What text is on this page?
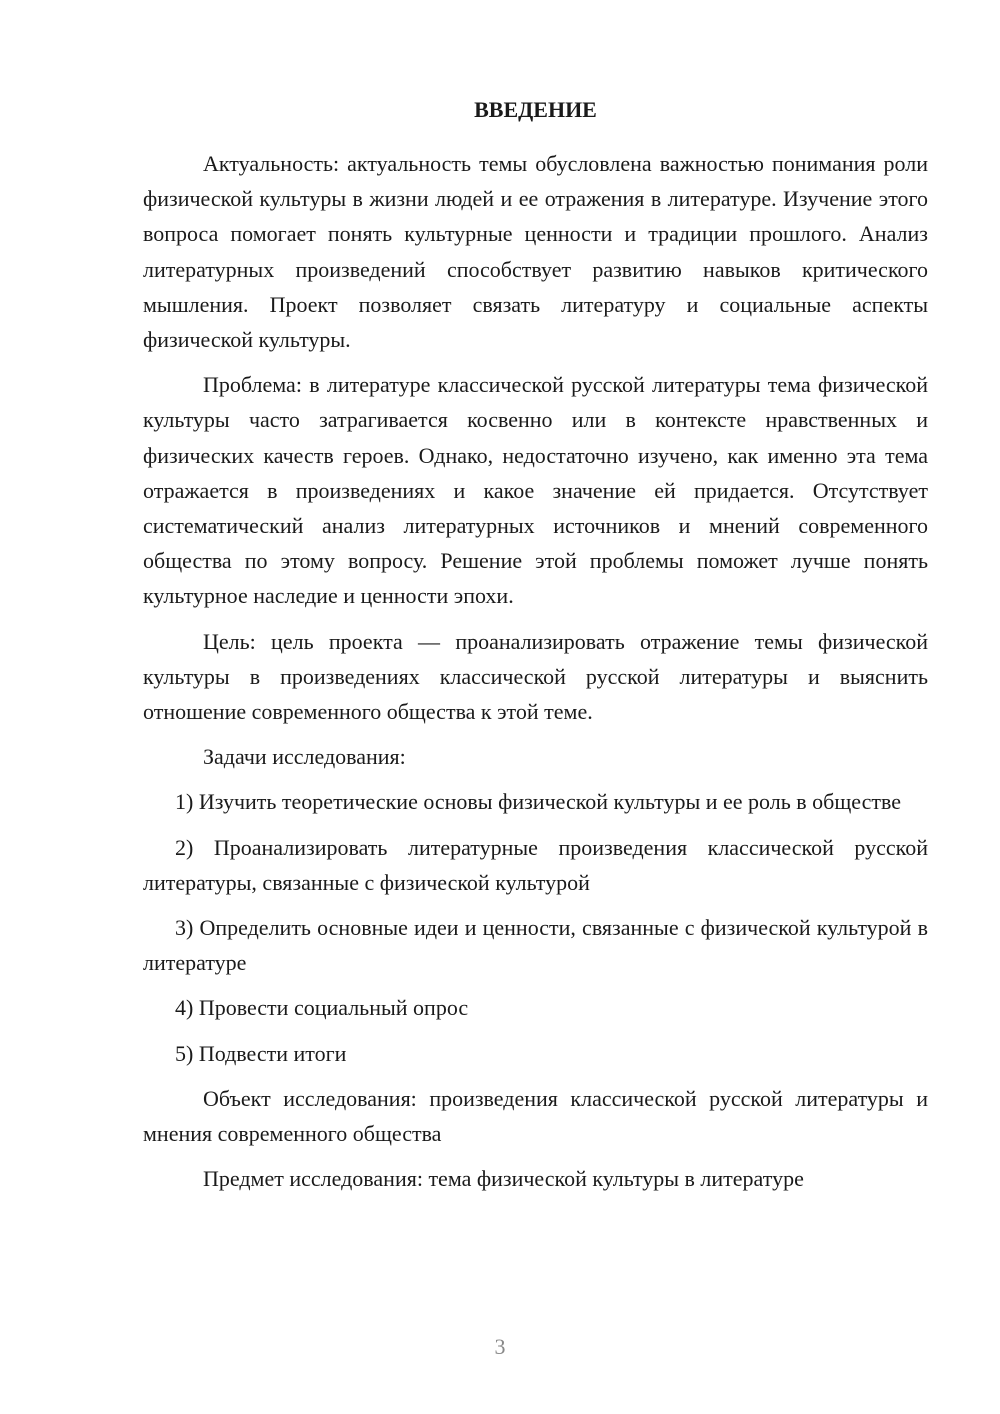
ВВЕДЕНИЕ

Актуальность: актуальность темы обусловлена важностью понимания роли физической культуры в жизни людей и ее отражения в литературе. Изучение этого вопроса помогает понять культурные ценности и традиции прошлого. Анализ литературных произведений способствует развитию навыков критического мышления. Проект позволяет связать литературу и социальные аспекты физической культуры.

Проблема: в литературе классической русской литературы тема физической культуры часто затрагивается косвенно или в контексте нравственных и физических качеств героев. Однако, недостаточно изучено, как именно эта тема отражается в произведениях и какое значение ей придается. Отсутствует систематический анализ литературных источников и мнений современного общества по этому вопросу. Решение этой проблемы поможет лучше понять культурное наследие и ценности эпохи.

Цель: цель проекта — проанализировать отражение темы физической культуры в произведениях классической русской литературы и выяснить отношение современного общества к этой теме.

Задачи исследования:

1) Изучить теоретические основы физической культуры и ее роль в обществе

2) Проанализировать литературные произведения классической русской литературы, связанные с физической культурой

3) Определить основные идеи и ценности, связанные с физической культурой в литературе

4) Провести социальный опрос

5) Подвести итоги

Объект исследования: произведения классической русской литературы и мнения современного общества

Предмет исследования: тема физической культуры в литературе

3
